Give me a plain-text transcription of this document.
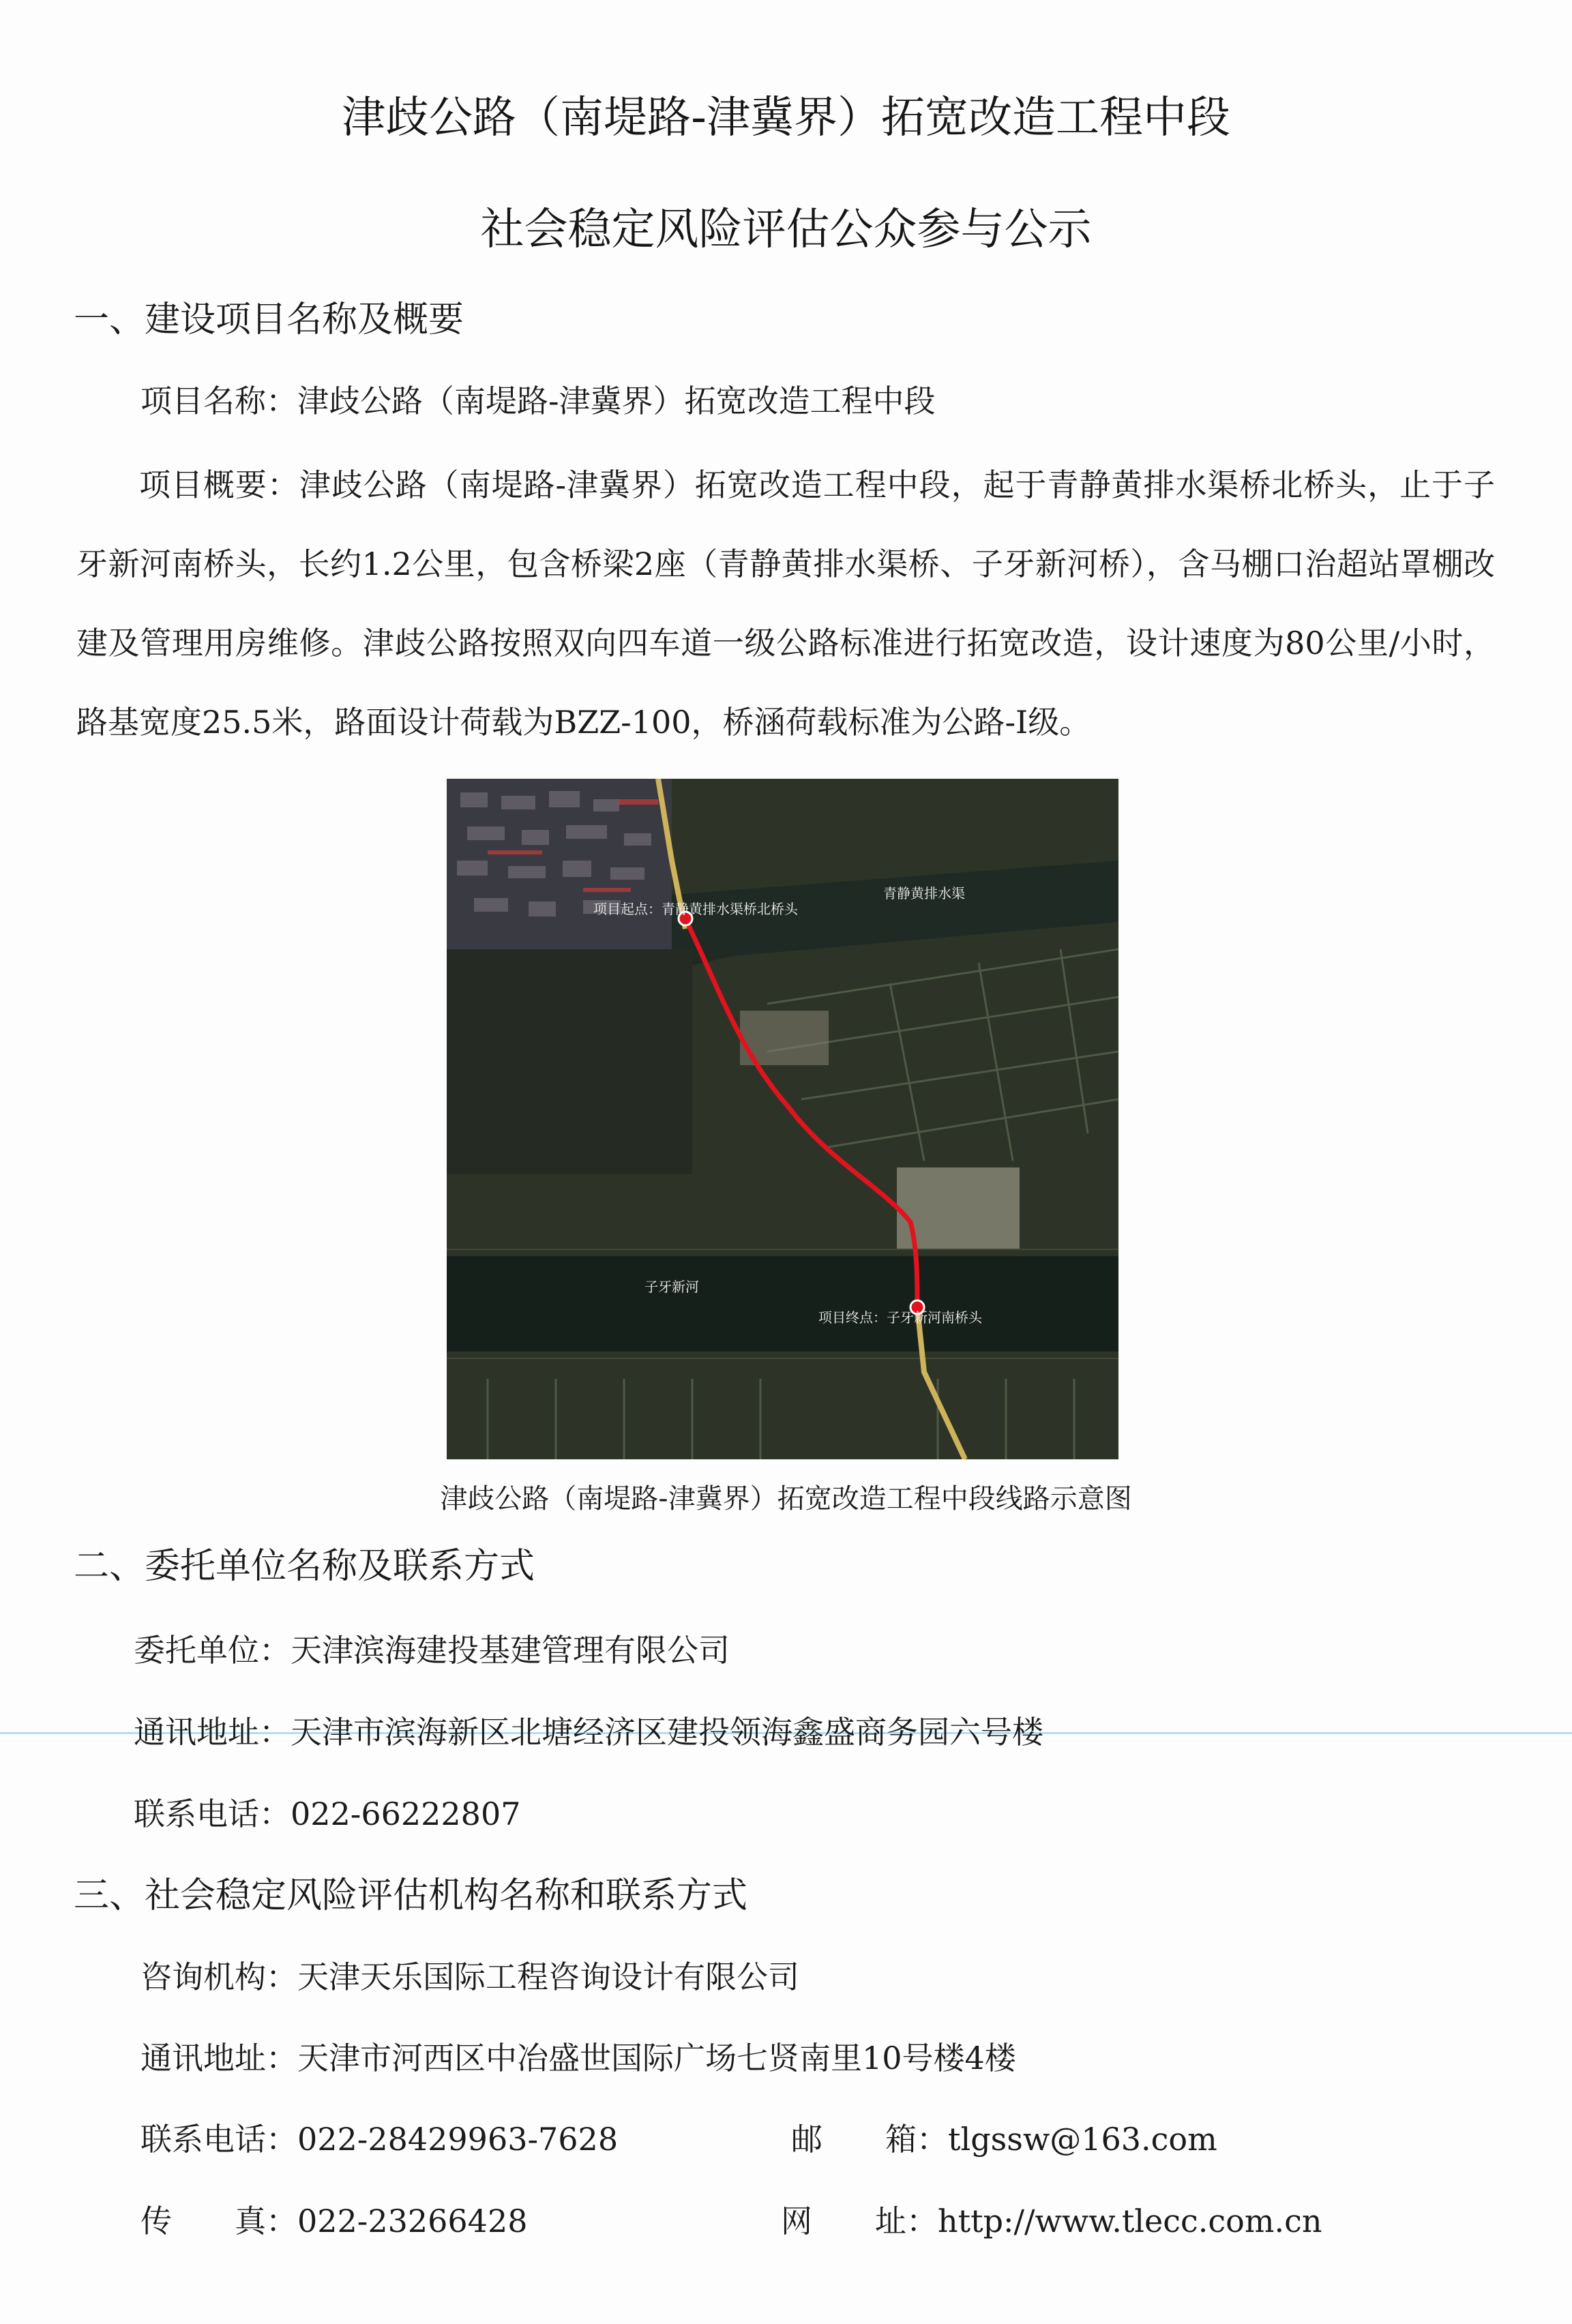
津歧公路（南堤路-津冀界）拓宽改造工程中段
社会稳定风险评估公众参与公示
一、建设项目名称及概要
项目名称：津歧公路（南堤路-津冀界）拓宽改造工程中段
项目概要：津歧公路（南堤路-津冀界）拓宽改造工程中段，起于青静黄排水渠桥北桥头，止于子牙新河南桥头，长约1.2公里，包含桥梁2座（青静黄排水渠桥、子牙新河桥），含马棚口治超站罩棚改建及管理用房维修。津歧公路按照双向四车道一级公路标准进行拓宽改造，设计速度为80公里/小时，路基宽度25.5米，路面设计荷载为BZZ-100，桥涵荷载标准为公路-I级。
项目起点：青静黄排水渠桥北桥头
项目终点：子牙新河南桥头
青静黄排水渠
子牙新河
津歧公路（南堤路-津冀界）拓宽改造工程中段线路示意图
二、委托单位名称及联系方式
委托单位：天津滨海建投基建管理有限公司
通讯地址：天津市滨海新区北塘经济区建投领海鑫盛商务园六号楼
联系电话：022-66222807
三、社会稳定风险评估机构名称和联系方式
咨询机构：天津天乐国际工程咨询设计有限公司
通讯地址：天津市河西区中冶盛世国际广场七贤南里10号楼4楼
联系电话：022-28429963-7628	邮　　箱：tlgssw@163.com
传　　真：022-23266428	网　　址：http://www.tlecc.com.cn
